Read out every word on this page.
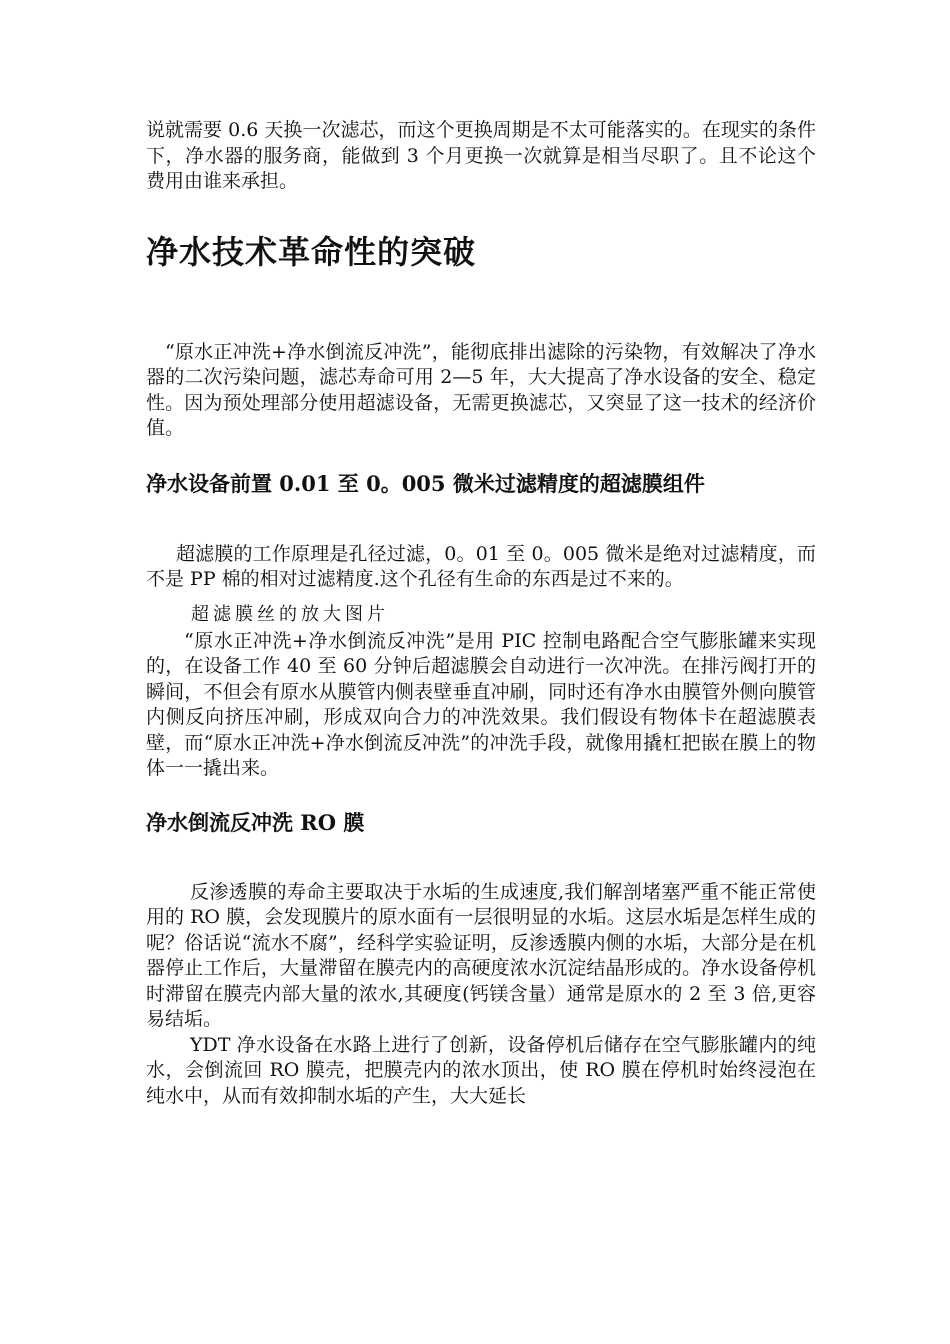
说就需要 0.6 天换一次滤芯，而这个更换周期是不太可能落实的。在现实的条件下，净水器的服务商，能做到 3 个月更换一次就算是相当尽职了。且不论这个费用由谁来承担。

净水技术革命性的突破

“原水正冲洗+净水倒流反冲洗”，能彻底排出滤除的污染物，有效解决了净水器的二次污染问题，滤芯寿命可用 2—5 年，大大提高了净水设备的安全、稳定性。因为预处理部分使用超滤设备，无需更换滤芯，又突显了这一技术的经济价值。

净水设备前置 0.01 至 0。005 微米过滤精度的超滤膜组件

超滤膜的工作原理是孔径过滤，0。01 至 0。005 微米是绝对过滤精度，而不是 PP 棉的相对过滤精度.这个孔径有生命的东西是过不来的。

超滤膜丝的放大图片

“原水正冲洗+净水倒流反冲洗”是用 PIC 控制电路配合空气膨胀罐来实现的，在设备工作 40 至 60 分钟后超滤膜会自动进行一次冲洗。在排污阀打开的瞬间，不但会有原水从膜管内侧表壁垂直冲刷，同时还有净水由膜管外侧向膜管内侧反向挤压冲刷，形成双向合力的冲洗效果。我们假设有物体卡在超滤膜表壁，而“原水正冲洗+净水倒流反冲洗”的冲洗手段，就像用撬杠把嵌在膜上的物体一一撬出来。

净水倒流反冲洗 RO 膜

反渗透膜的寿命主要取决于水垢的生成速度,我们解剖堵塞严重不能正常使用的 RO 膜，会发现膜片的原水面有一层很明显的水垢。这层水垢是怎样生成的呢？俗话说“流水不腐”，经科学实验证明，反渗透膜内侧的水垢，大部分是在机器停止工作后，大量滞留在膜壳内的高硬度浓水沉淀结晶形成的。净水设备停机时滞留在膜壳内部大量的浓水,其硬度(钙镁含量）通常是原水的 2 至 3 倍,更容易结垢。

YDT 净水设备在水路上进行了创新，设备停机后储存在空气膨胀罐内的纯水，会倒流回 RO 膜壳，把膜壳内的浓水顶出，使 RO 膜在停机时始终浸泡在纯水中，从而有效抑制水垢的产生，大大延长
